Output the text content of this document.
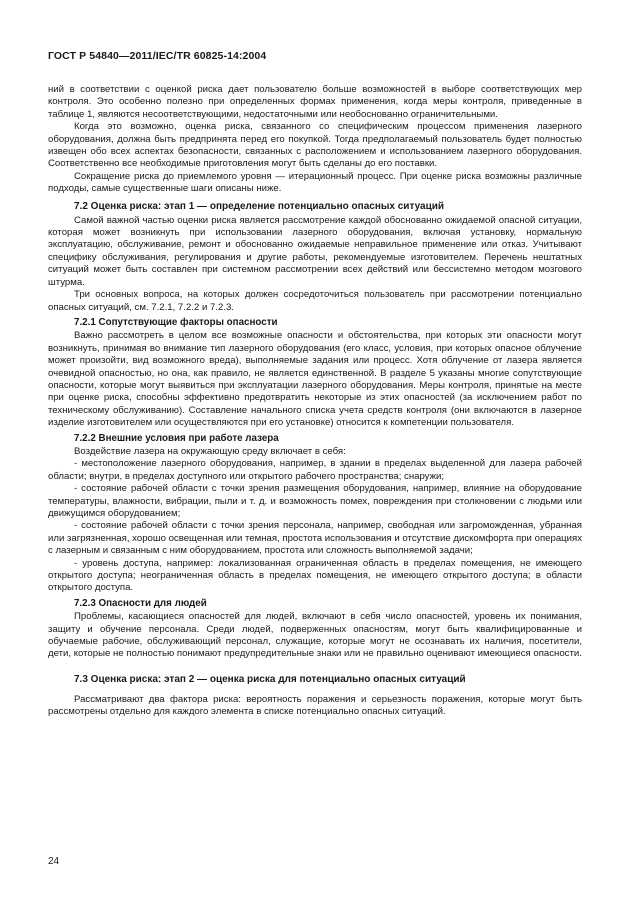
ГОСТ Р 54840—2011/IEC/TR 60825-14:2004

ний в соответствии с оценкой риска дает пользователю больше возможностей в выборе соответствующих мер контроля. Это особенно полезно при определенных формах применения, когда меры контроля, приведенные в таблице 1, являются несоответствующими, недостаточными или необоснованно ограничительными.

Когда это возможно, оценка риска, связанного со специфическим процессом применения лазерного оборудования, должна быть предпринята перед его покупкой. Тогда предполагаемый пользователь будет полностью извещен обо всех аспектах безопасности, связанных с расположением и использованием лазерного оборудования. Соответственно все необходимые приготовления могут быть сделаны до его поставки.

Сокращение риска до приемлемого уровня — итерационный процесс. При оценке риска возможны различные подходы, самые существенные шаги описаны ниже.

7.2 Оценка риска: этап 1 — определение потенциально опасных ситуаций

Самой важной частью оценки риска является рассмотрение каждой обоснованно ожидаемой опасной ситуации, которая может возникнуть при использовании лазерного оборудования, включая установку, нормальную эксплуатацию, обслуживание, ремонт и обоснованно ожидаемые неправильное применение или отказ. Учитывают специфику обслуживания, регулирования и другие работы, рекомендуемые изготовителем. Перечень нештатных ситуаций может быть составлен при системном рассмотрении всех действий или бессистемно методом мозгового штурма.

Три основных вопроса, на которых должен сосредоточиться пользователь при рассмотрении потенциально опасных ситуаций, см. 7.2.1, 7.2.2 и 7.2.3.

7.2.1 Сопутствующие факторы опасности

Важно рассмотреть в целом все возможные опасности и обстоятельства, при которых эти опасности могут возникнуть, принимая во внимание тип лазерного оборудования (его класс, условия, при которых опасное облучение может произойти, вид возможного вреда), выполняемые задания или процесс. Хотя облучение от лазера является очевидной опасностью, но она, как правило, не является единственной. В разделе 5 указаны многие сопутствующие опасности, которые могут выявиться при эксплуатации лазерного оборудования. Меры контроля, принятые на месте при оценке риска, способны эффективно предотвратить некоторые из этих опасностей (за исключением работ по техническому обслуживанию). Составление начального списка учета средств контроля (они включаются в лазерное изделие изготовителем или осуществляются при его установке) относится к компетенции пользователя.

7.2.2 Внешние условия при работе лазера

Воздействие лазера на окружающую среду включает в себя:

- местоположение лазерного оборудования, например, в здании в пределах выделенной для лазера рабочей области; внутри, в пределах доступного или открытого рабочего пространства; снаружи;

- состояние рабочей области с точки зрения размещения оборудования, например, влияние на оборудование температуры, влажности, вибрации, пыли и т. д. и возможность помех, повреждения при столкновении с людьми или движущимся оборудованием;

- состояние рабочей области с точки зрения персонала, например, свободная или загроможденная, убранная или загрязненная, хорошо освещенная или темная, простота использования и отсутствие дискомфорта при операциях с лазерным и связанным с ним оборудованием, простота или сложность выполняемой задачи;

- уровень доступа, например: локализованная ограниченная область в пределах помещения, не имеющего открытого доступа; неограниченная область в пределах помещения, не имеющего открытого доступа; в области открытого доступа.

7.2.3 Опасности для людей

Проблемы, касающиеся опасностей для людей, включают в себя число опасностей, уровень их понимания, защиту и обучение персонала. Среди людей, подверженных опасностям, могут быть квалифицированные и обучаемые рабочие, обслуживающий персонал, служащие, которые могут не осознавать их наличия, посетители, дети, которые не полностью понимают предупредительные знаки или не правильно оценивают имеющиеся опасности.

7.3 Оценка риска: этап 2 — оценка риска для потенциально опасных ситуаций

Рассматривают два фактора риска: вероятность поражения и серьезность поражения, которые могут быть рассмотрены отдельно для каждого элемента в списке потенциально опасных ситуаций.

24
